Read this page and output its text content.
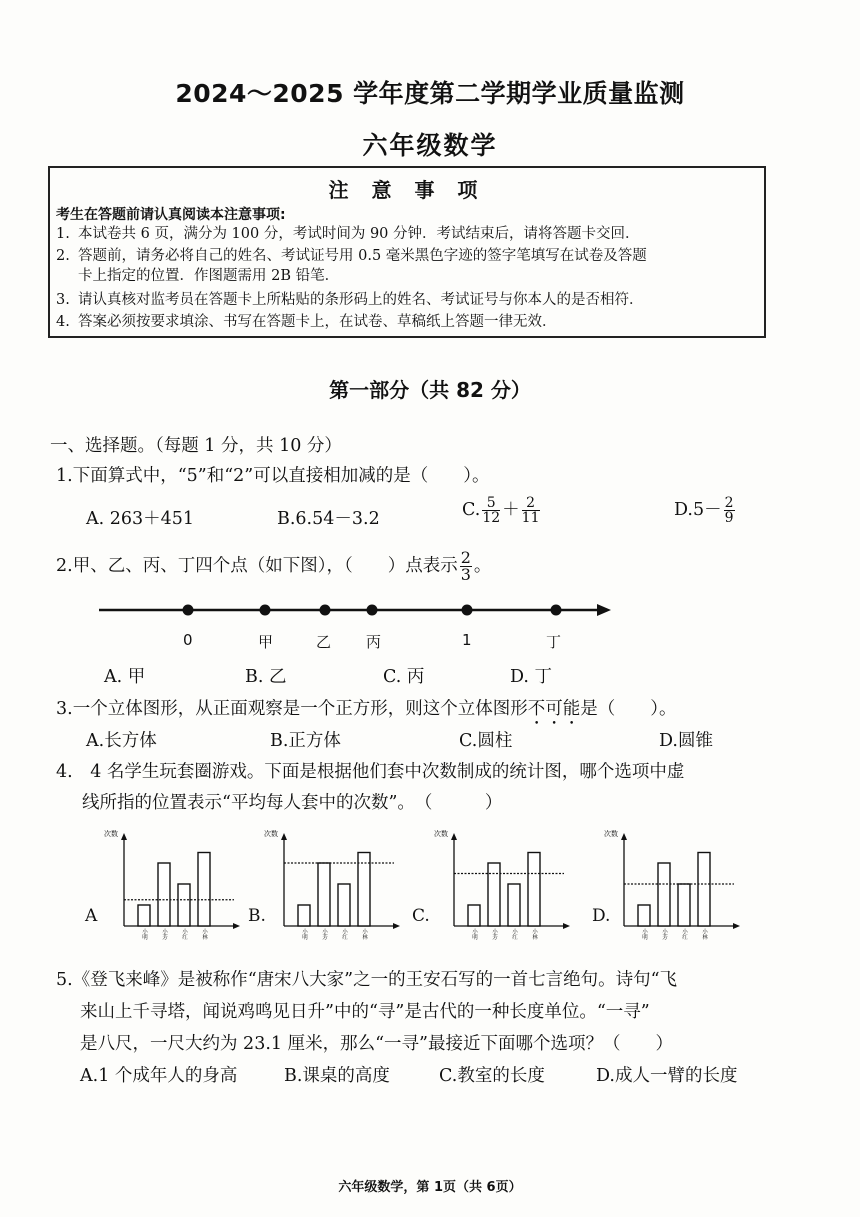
2024～2025 学年度第二学期学业质量监测
六年级数学
注 意 事 项
考生在答题前请认真阅读本注意事项:
1. 本试卷共 6 页，满分为 100 分，考试时间为 90 分钟．考试结束后，请将答题卡交回．
2. 答题前，请务必将自己的姓名、考试证号用 0.5 毫米黑色字迹的签字笔填写在试卷及答题
卡上指定的位置．作图题需用 2B 铅笔．
3. 请认真核对监考员在答题卡上所粘贴的条形码上的姓名、考试证号与你本人的是否相符．
4. 答案必须按要求填涂、书写在答题卡上，在试卷、草稿纸上答题一律无效．
第一部分（共 82 分）
一、选择题。（每题 1 分，共 10 分）
1.下面算式中，“5”和“2”可以直接相加减的是（　　）。
A. 263＋451	B.6.54－3.2	C. $\frac{5}{12} + \frac{2}{11}$	$D.5- \frac{2}{9}$
2.甲、乙、丙、丁四个点（如下图），（　　）点表示 $\frac{2}{3}$ 。
0	甲	乙 丙	1	丁
A. 甲	B. 乙	C. 丙	D. 丁
3.一个立体图形，从正面观察是一个正方形，则这个立体图形不可能是（　　）。
A.长方体	B.正方体	C.圆柱	D.圆锥
4.　4 名学生玩套圈游戏。下面是根据他们套中次数制成的统计图，哪个选项中虚
线所指的位置表示“平均每人套中的次数”。　（　　　）
A	B.	C.	D.
次数
小明	小芳	小红	小林
次数
小明	小芳	小红	小林
次数
小明	小芳	小红	小林
次数
小明	小芳	小红	小林
5.《登飞来峰》是被称作“唐宋八大家”之一的王安石写的一首七言绝句。诗句“飞
来山上千寻塔，闻说鸡鸣见日升”中的“寻”是古代的一种长度单位。“一寻”
是八尺，一尺大约为 23.1 厘米，那么“一寻”最接近下面哪个选项？（　　）
A.1 个成年人的身高	B.课桌的高度	C.教室的长度	D.成人一臂的长度
六年级数学，第 1页（共 6页）
